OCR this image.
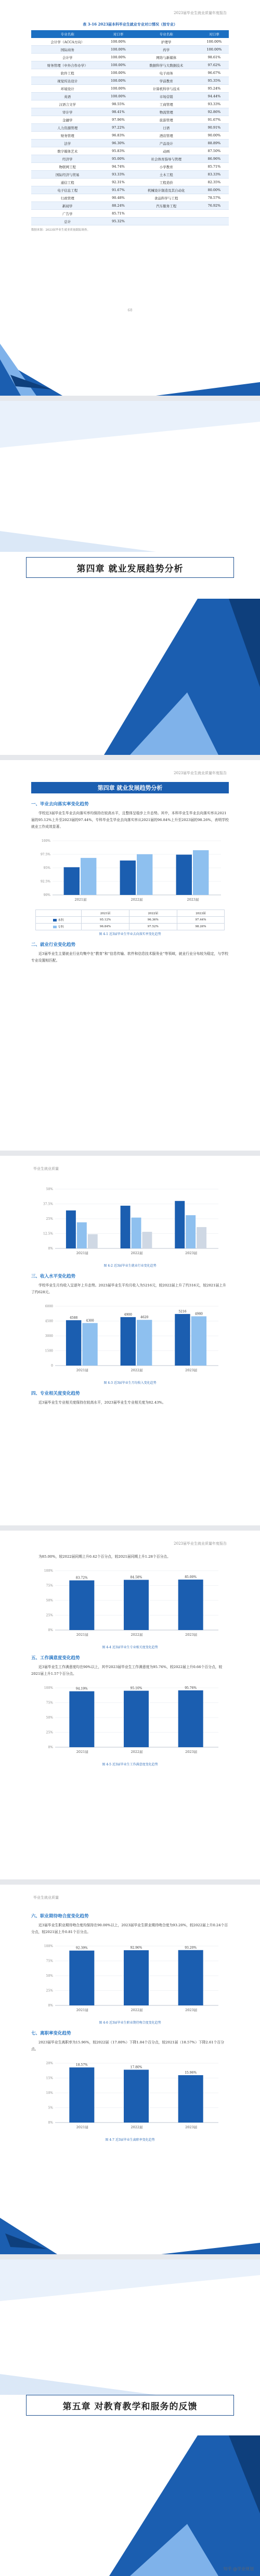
2023届毕业生就业质量年度报告
表 3-16 2023届本科毕业生就业专业对口情况（按专业）
专业名称	对口率	专业名称	对口率
会计学（ACCA方向）	100.00%	护理学	100.00%
国际商务	100.00%	药学	100.00%
会计学	100.00%	网络与新媒体	98.61%
财务管理（中外合作办学）	100.00%	数据科学与大数据技术	97.62%
软件工程	100.00%	电子商务	96.67%
视觉传达设计	100.00%	学前教育	95.35%
环境设计	100.00%	计算机科学与技术	95.24%
英语	100.00%	市场营销	94.44%
汉语言文学	98.55%	工商管理	93.33%
审计学	98.41%	物流管理	92.86%
金融学	97.96%	旅游管理	91.67%
人力资源管理	97.22%	日语	90.91%
财务管理	96.83%	酒店管理	90.00%
法学	96.30%	产品设计	88.89%
数字媒体艺术	95.83%	动画	87.50%
经济学	95.00%	社会体育指导与管理	86.96%
物联网工程	94.74%	小学教育	85.71%
国际经济与贸易	93.33%	土木工程	83.33%
通信工程	92.31%	工程造价	82.35%
电子信息工程	91.67%	机械设计制造及其自动化	80.00%
行政管理	90.48%	食品科学与工程	78.57%
新闻学	88.24%	汽车服务工程	76.92%
广告学	85.71%		
总计	95.32%		
数据来源：2023届毕业生就业质量跟踪调查。
68
第四章 就业发展趋势分析
2023届毕业生就业质量年度报告
第四章 就业发展趋势分析
一、毕业去向落实率变化趋势

学校近3届毕业生毕业去向落实率均保持在较高水平，且整体呈稳步上升态势。其中，本科毕业生毕业去向落实率从2021届的95.12%上升至2023届的97.44%，专科毕业生毕业去向落实率从2021届的96.84%上升至2023届的98.26%，表明学校就业工作成效显著。

90%
92.5%
95%
97.5%
100%
2021届	2022届	2023届
	2021届	2022届	2023届
本科	95.12%	96.36%	97.44%
专科	96.84%	97.52%	98.26%
图 4-1 近3届毕业生毕业去向落实率变化趋势
二、就业行业变化趋势

近3届毕业生主要就业行业均集中在“教育”和“信息传输、软件和信息技术服务业”等领域，就业行业分布较为稳定，与学校专业设置相匹配。

毕业生就业质量
0%
12.5%
25%
37.5%
50%
2021届	2022届	2023届
图 4-2 近3届毕业生就业行业变化趋势
三、收入水平变化趋势

学校毕业生月均收入呈逐年上升态势。2023届毕业生平均月收入为5216元，较2022届上升了约316元，较2021届上升了约628元。

0
1500
3000
4500
6000
4588
4300
2021届
4900
4620
2022届
5216
4980
2023届
图 4-3 近3届毕业生月均收入变化趋势
四、专业相关度变化趋势

近3届毕业生专业相关度保持在较高水平，2023届毕业生专业相关度为82.43%。

2023届毕业生就业质量年度报告

为85.00%，较2022届同期上升0.42个百分点，较2021届同期上升1.28个百分点。

0%
25%
50%
75%
100%
83.72%
2021届
84.58%
2022届
85.00%
2023届
图 4-4 近3届毕业生专业相关度变化趋势
五、工作满意度变化趋势

近3届毕业生工作满意度均在90%以上，其中2023届毕业生工作满意度为95.76%，较2022届上升0.66个百分点，较2021届上升1.57个百分点。

0%
25%
50%
75%
100%	94.19%
2021届
95.10%
2022届
95.76%
2023届
图 4-5 近3届毕业生工作满意度变化趋势
毕业生就业质量
六、职业期待吻合度变化趋势

近3届毕业生职业期待吻合度均保持在90.00%以上，2023届毕业生职业期待吻合度为93.20%，较2022届上升0.24个百分点，较2021届上升0.81个百分点。

0%
25%
50%
75%
100%
92.39%
2021届
92.96%
2022届
93.20%
2023届
图 4-6 近3届毕业生职业期待吻合度变化趋势
七、离职率变化趋势

2023届毕业生离职率为15.96%，较2022届（17.80%）下降1.84个百分点，较2021届（18.57%）下降2.61个百分点。

0%
5%
10%
15%
20%	18.57%
2021届
17.80%
2022届
15.96%
2023届
图 4-7 近3届毕业生离职率变化趋势
第五章 对教育教学和服务的反馈
知乎 @学业规划
